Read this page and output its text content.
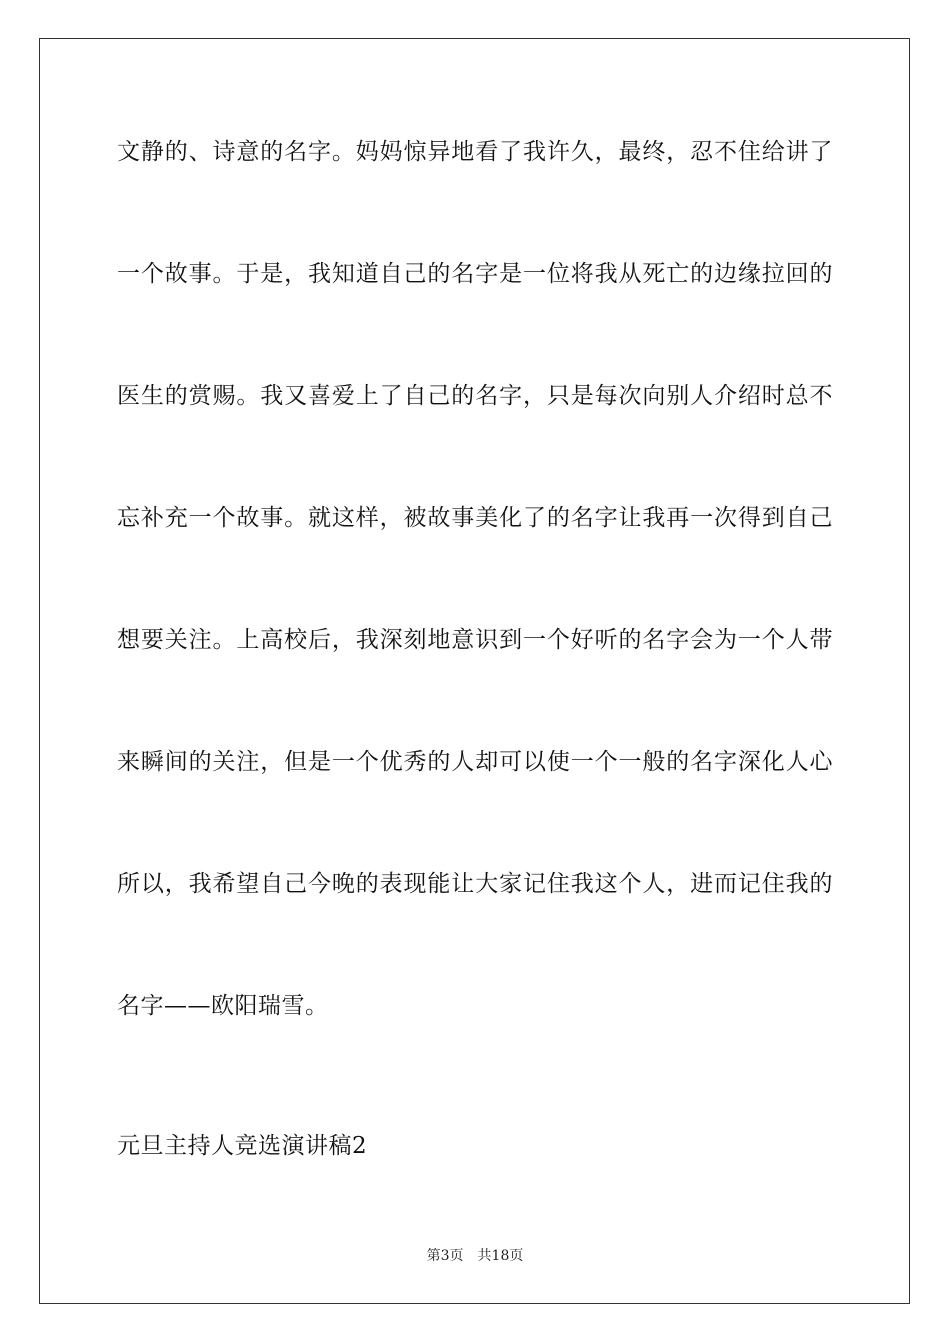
文静的、诗意的名字。妈妈惊异地看了我许久，最终，忍不住给讲了
一个故事。于是，我知道自己的名字是一位将我从死亡的边缘拉回的
医生的赏赐。我又喜爱上了自己的名字，只是每次向别人介绍时总不
忘补充一个故事。就这样，被故事美化了的名字让我再一次得到自己
想要关注。上高校后，我深刻地意识到一个好听的名字会为一个人带
来瞬间的关注，但是一个优秀的人却可以使一个一般的名字深化人心
所以，我希望自己今晚的表现能让大家记住我这个人，进而记住我的
名字——欧阳瑞雪。
元旦主持人竞选演讲稿2
第3页 共18页
